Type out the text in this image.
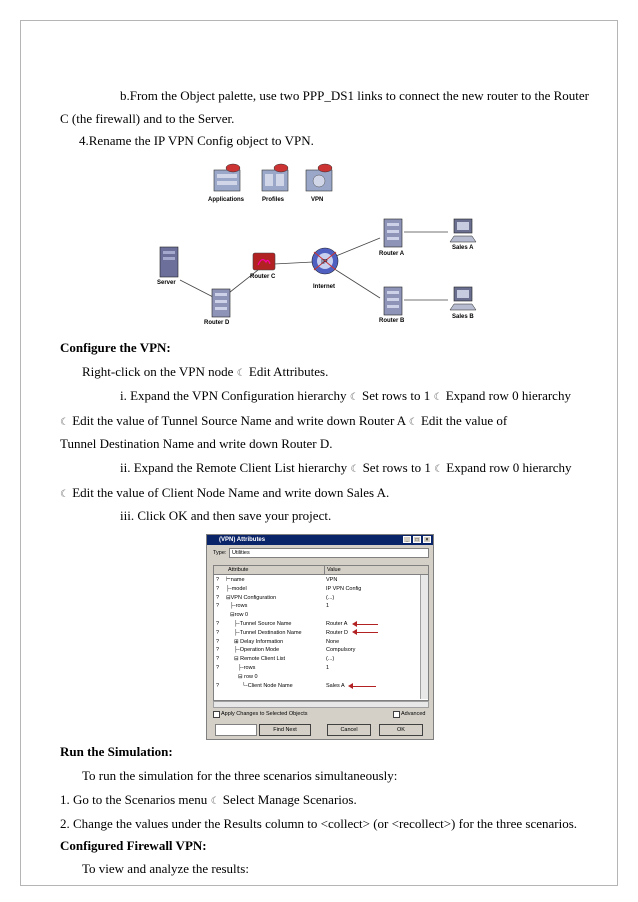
b.From the Object palette, use two PPP_DS1 links to connect the new router to the Router
C (the firewall) and to the Server.
4.Rename the IP VPN Config object to VPN.
Applications	Profiles	VPN
Server
Router C
IP
Internet
Router D
Router A
Router B
Sales A
Sales B
Configure the VPN:
Right-click on the VPN node ☾ Edit Attributes.
i. Expand the VPN Configuration hierarchy ☾ Set rows to 1 ☾ Expand row 0 hierarchy
☾ Edit the value of Tunnel Source Name and write down Router A ☾ Edit the value of
Tunnel Destination Name and write down Router D.
ii. Expand the Remote Client List hierarchy ☾ Set rows to 1 ☾ Expand row 0 hierarchy
☾ Edit the value of Client Node Name and write down Sales A.
iii. Click OK and then save your project.
(VPN) Attributes	_	□	×
Type:	Utilities
Attribute	Value
? ⊢name	VPN
? ├-model	IP VPN Config
? ⊟VPN Configuration	(...)
? ├-rows	1
⊟row 0
?	├-Tunnel Source Name	Router A
?	├-Tunnel Destination Name	Router D
?	⊞ Delay Information	None
?	├-Operation Mode	Compulsory
?	⊟ Remote Client List	(...)
?	├-rows	1
⊟ row 0
?	└-Client Node Name	Sales A
Apply Changes to Selected Objects	Advanced
Find Next	Cancel	OK
Run the Simulation:
To run the simulation for the three scenarios simultaneously:
1. Go to the Scenarios menu ☾ Select Manage Scenarios.
2. Change the values under the Results column to <collect> (or <recollect>) for the three scenarios.
Configured Firewall VPN:
To view and analyze the results:
